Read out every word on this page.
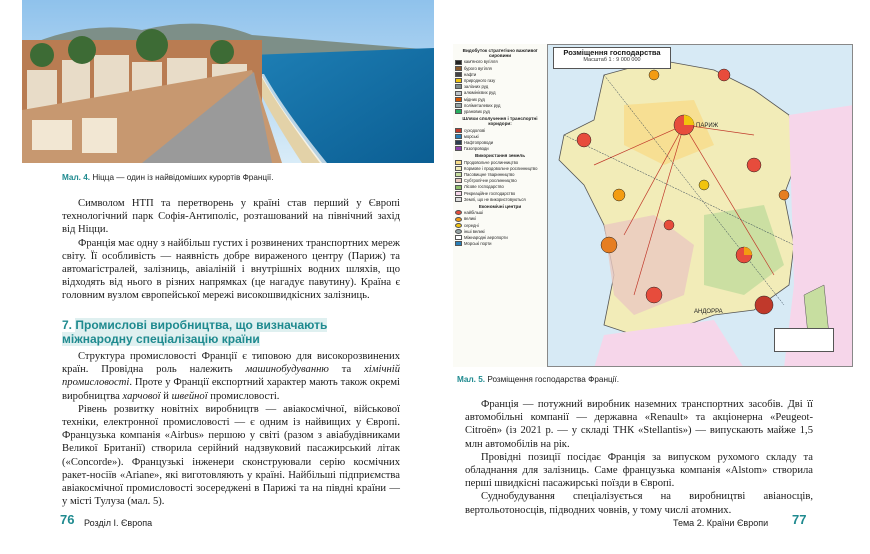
Мал. 4. Ніцца — один із найвідоміших курортів Франції.

Символом НТП та перетворень у країні став перший у Європі технологічний парк Софія-Антиполіс, розташований на північний захід від Ніцци.

Франція має одну з найбільш густих і розвинених транспортних мереж світу. Її особливість — наявність добре вираженого центру (Париж) та автомагістралей, залізниць, авіаліній і внутрішніх водних шляхів, що відходять від нього в різних напрямках (це нагадує павутину). Країна є головним вузлом європейської мережі високошвидкісних залізниць.

7. Промислові виробництва, що визначають міжнародну спеціалізацію країни

Структура промисловості Франції є типовою для високорозвинених країн. Провідна роль належить машинобудуванню та хімічній промисловості. Проте у Франції експортний характер мають також окремі виробництва харчової й швейної промисловості.

Рівень розвитку новітніх виробництв — авіакосмічної, військової техніки, електронної промисловості — є одним із найвищих у Європі. Французька компанія «Airbus» першою у світі (разом з авіабудівниками Великої Британії) створила серійний надзвуковий пасажирський літак («Concorde»). Французькі інженери сконструювали серію космічних ракет-носіїв «Ariane», які виготовляють у країні. Найбільші підприємства авіакосмічної промисловості зосереджені в Парижі та на півдні країни — у місті Тулуза (мал. 5).

76 Розділ І. Європа
ПАРИЖ
АНДОРРА
Видобуток стратегічно важливої сировини
кам'яного вугілля
бурого вугілля
нафти
природного газу
залізних руд
алюмінієвих руд
мідних руд
поліметалевих руд
уранових руд
Шляхи сполучення і транспортні коридори:
суходолові
морські
Нафтопроводи
Газопроводи
Використання земель
Продовольче рослинництво
Кормове і продовольче рослинництво
Пасовищне тваринництво
Субтропічне рослинництво
Лісове господарство
Рекреаційне господарство
Землі, що не використовуються
Економічні центри
найбільші
великі
середні
інші великі
Міжнародні аеропорти
Морські порти
Розміщення господарства
Масштаб 1 : 9 000 000
Мал. 5. Розміщення господарства Франції.

Франція — потужний виробник наземних транспортних засобів. Дві її автомобільні компанії — державна «Renault» та акціонерна «Peugeot-Citroën» (із 2021 р. — у складі ТНК «Stellantis») — випускають майже 1,5 млн автомобілів на рік.

Провідні позиції посідає Франція за випуском рухомого складу та обладнання для залізниць. Саме французька компанія «Alstom» створила перші швидкісні пасажирські поїзди в Європі.

Суднобудування спеціалізується на виробництві авіаносців, вертольотоносців, підводних човнів, у тому числі атомних.

Тема 2. Країни Європи 77
